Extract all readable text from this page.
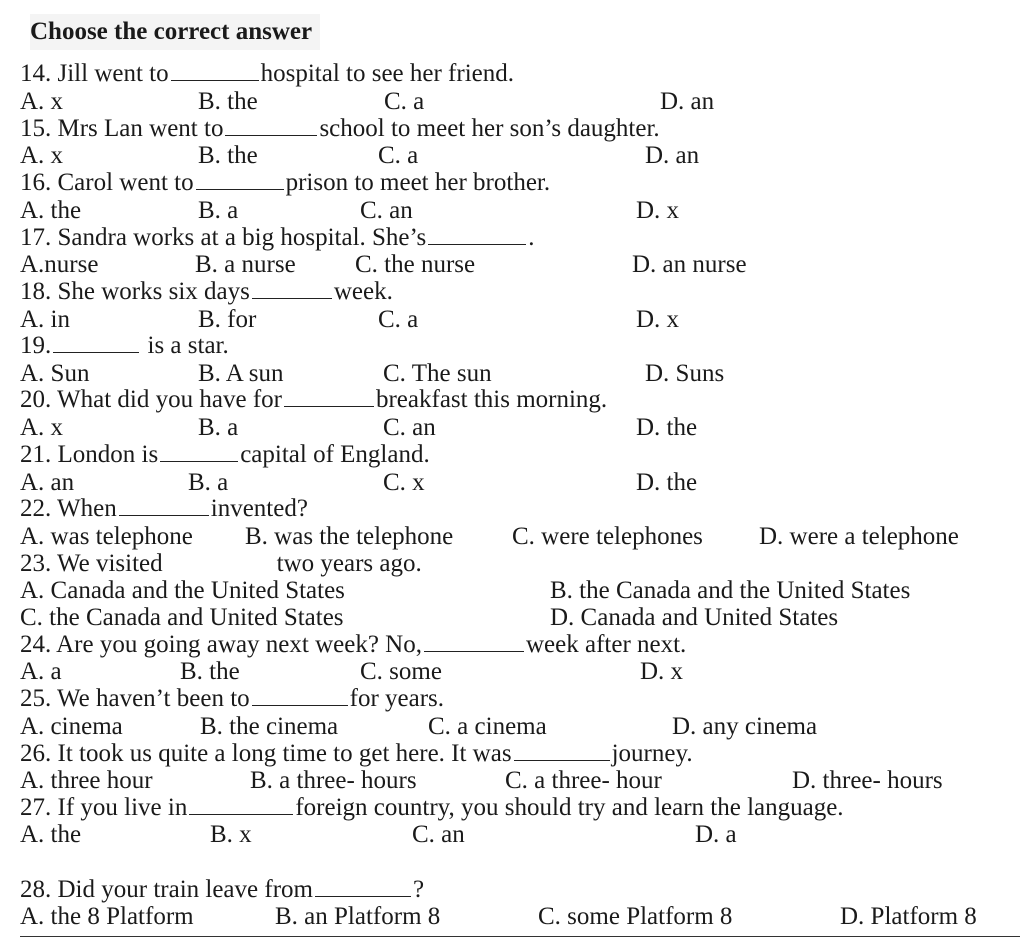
Choose the correct answer
14. Jill went to	hospital to see her friend.
A. x	B. the	C. a	D. an
15. Mrs Lan went to	school to meet her son’s daughter.
A. x	B. the	C. a	D. an
16. Carol went to	prison to meet her brother.
A. the	B. a	C. an	D. x
17. Sandra works at a big hospital. She’s	.
A.nurse	B. a nurse C. the nurse	D. an nurse
18. She works six days	week.
A. in	B. for	C. a	D. x
19.	is a star.
A. Sun	B. A sun	C. The sun	D. Suns
20. What did you have for	breakfast this morning.
A. x	B. a	C. an	D. the
21. London is	capital of England.
A. an	B. a	C. x	D. the
22. When	invented?
A. was telephone B. was the telephone C. were telephones D. were a telephone
23. We visited	two years ago.
A. Canada and the United States	B. the Canada and the United States
C. the Canada and United States	D. Canada and United States
24. Are you going away next week? No,	week after next.
A. a	B. the	C. some	D. x
25. We haven’t been to	for years.
A. cinema	B. the cinema	C. a cinema	D. any cinema
26. It took us quite a long time to get here. It was	journey.
A. three hour	B. a three- hours	C. a three- hour	D. three- hours
27. If you live in	foreign country, you should try and learn the language.
A. the	B. x	C. an	D. a
28. Did your train leave from	?
A. the 8 Platform	B. an Platform 8	C. some Platform 8	D. Platform 8
